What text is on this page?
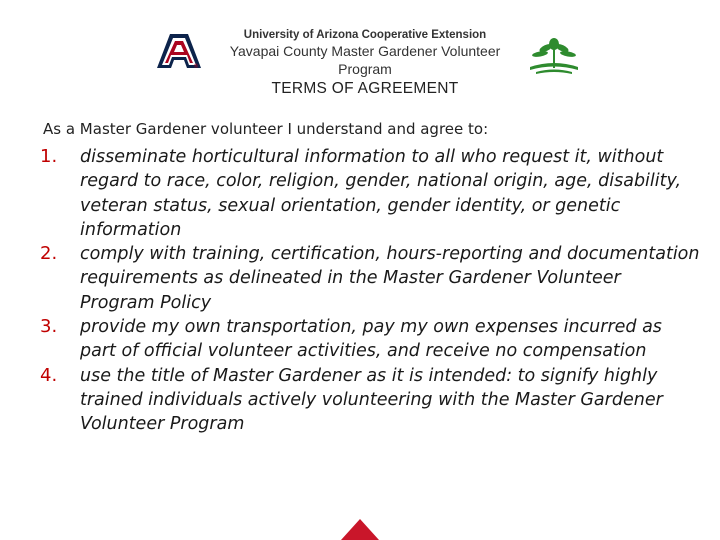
®
University of Arizona Cooperative Extension
Yavapai County Master Gardener Volunteer Program
TERMS OF AGREEMENT

As a Master Gardener volunteer I understand and agree to:

1. disseminate horticultural information to all who request it, without regard to race, color, religion, gender, national origin, age, disability, veteran status, sexual orientation, gender identity, or genetic information
2. comply with training, certification, hours-reporting and documentation requirements as delineated in the Master Gardener Volunteer Program Policy
3. provide my own transportation, pay my own expenses incurred as part of official volunteer activities, and receive no compensation
4. use the title of Master Gardener as it is intended: to signify highly trained individuals actively volunteering with the Master Gardener Volunteer Program
